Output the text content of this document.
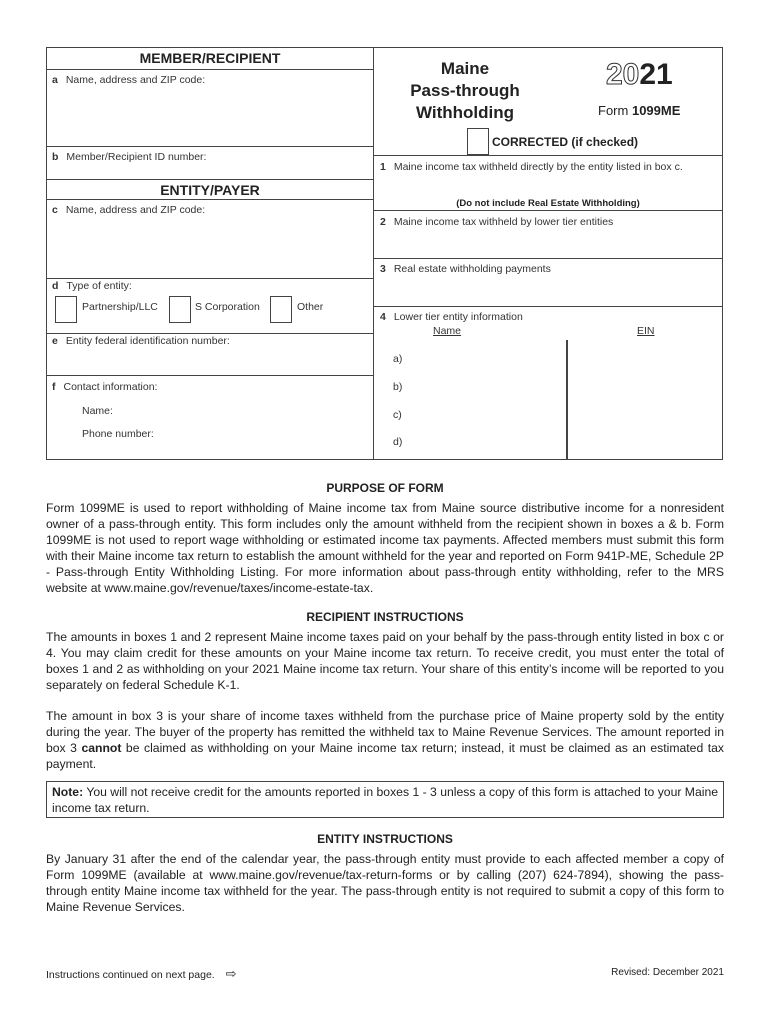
MEMBER/RECIPIENT
a Name, address and ZIP code:
b Member/Recipient ID number:
ENTITY/PAYER
c Name, address and ZIP code:
d Type of entity:
Partnership/LLC	S Corporation	Other
e Entity federal identification number:
f Contact information:
Name:
Phone number:
Maine
Pass-through
Withholding
2021
Form 1099ME
CORRECTED (if checked)
1 Maine income tax withheld directly by the entity listed in box c.
(Do not include Real Estate Withholding)
2 Maine income tax withheld by lower tier entities
3 Real estate withholding payments
4 Lower tier entity information
Name	EIN
a)
b)
c)
d)
PURPOSE OF FORM
Form 1099ME is used to report withholding of Maine income tax from Maine source distributive income for a nonresident owner of a pass-through entity. This form includes only the amount withheld from the recipient shown in boxes a & b. Form 1099ME is not used to report wage withholding or estimated income tax payments. Affected members must submit this form with their Maine income tax return to establish the amount withheld for the year and reported on Form 941P-ME, Schedule 2P - Pass-through Entity Withholding Listing. For more information about pass-through entity withholding, refer to the MRS website at www.maine.gov/revenue/taxes/income-estate-tax.
RECIPIENT INSTRUCTIONS
The amounts in boxes 1 and 2 represent Maine income taxes paid on your behalf by the pass-through entity listed in box c or 4. You may claim credit for these amounts on your Maine income tax return. To receive credit, you must enter the total of boxes 1 and 2 as withholding on your 2021 Maine income tax return. Your share of this entity’s income will be reported to you separately on federal Schedule K-1.
The amount in box 3 is your share of income taxes withheld from the purchase price of Maine property sold by the entity during the year. The buyer of the property has remitted the withheld tax to Maine Revenue Services. The amount reported in box 3 cannot be claimed as withholding on your Maine income tax return; instead, it must be claimed as an estimated tax payment.
Note: You will not receive credit for the amounts reported in boxes 1 - 3 unless a copy of this form is attached to your Maine income tax return.
ENTITY INSTRUCTIONS
By January 31 after the end of the calendar year, the pass-through entity must provide to each affected member a copy of Form 1099ME (available at www.maine.gov/revenue/tax-return-forms or by calling (207) 624-7894), showing the pass-through entity Maine income tax withheld for the year. The pass-through entity is not required to submit a copy of this form to Maine Revenue Services.
Instructions continued on next page. ⇨	Revised: December 2021
